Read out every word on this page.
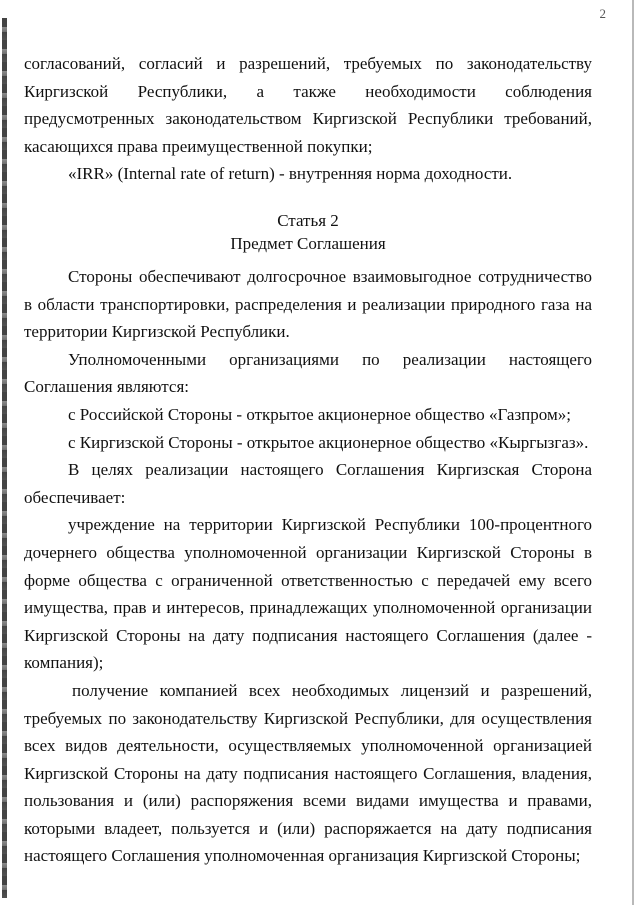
2

согласований, согласий и разрешений, требуемых по законодательству Киргизской Республики, а также необходимости соблюдения предусмотренных законодательством Киргизской Республики требований, касающихся права преимущественной покупки;

«IRR» (Internal rate of return) - внутренняя норма доходности.

Статья 2
Предмет Соглашения

Стороны обеспечивают долгосрочное взаимовыгодное сотрудничество в области транспортировки, распределения и реализации природного газа на территории Киргизской Республики.

Уполномоченными организациями по реализации настоящего Соглашения являются:

с Российской Стороны - открытое акционерное общество «Газпром»;

с Киргизской Стороны - открытое акционерное общество «Кыргызгаз».

В целях реализации настоящего Соглашения Киргизская Сторона обеспечивает:

учреждение на территории Киргизской Республики 100-процентного дочернего общества уполномоченной организации Киргизской Стороны в форме общества с ограниченной ответственностью с передачей ему всего имущества, прав и интересов, принадлежащих уполномоченной организации Киргизской Стороны на дату подписания настоящего Соглашения (далее - компания);

получение компанией всех необходимых лицензий и разрешений, требуемых по законодательству Киргизской Республики, для осуществления всех видов деятельности, осуществляемых уполномоченной организацией Киргизской Стороны на дату подписания настоящего Соглашения, владения, пользования и (или) распоряжения всеми видами имущества и правами, которыми владеет, пользуется и (или) распоряжается на дату подписания настоящего Соглашения уполномоченная организация Киргизской Стороны;
